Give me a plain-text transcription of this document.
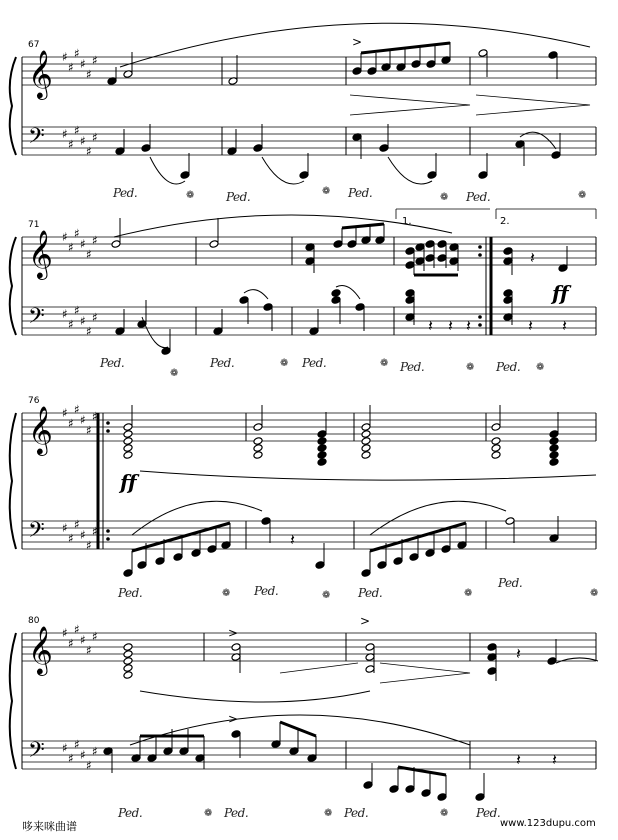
𝄞
𝄢
♯
♯
♯
♯
♯
♯
♯
♯
♯
♯
♯
♯
𝄞
𝄢
♯
♯
♯
♯
♯
♯
♯
♯
♯
♯
♯
♯
𝄞
𝄢
♯
♯
♯
♯
♯
♯
♯
♯
♯
♯
♯
♯
𝄞
𝄢
♯
♯
♯
♯
♯
♯
♯
♯
♯
♯
♯
♯
𝄽
𝄽 𝄽 𝄽	𝄽 𝄽
𝄽
𝄽
𝄽 𝄽
67
71
76
80
1.	2.
ff
ff
>
>
>
>
Ped.	❁	Ped.	❁ Ped.	❁ Ped.	❁
Ped.
❁
Ped.	❁ Ped.	❁ Ped.	❁ Ped. ❁
Ped.	❁ Ped.	❁ Ped.	❁
Ped.
❁
Ped.	❁ Ped.	❁ Ped.	❁ Ped.
哆来咪曲谱	www.123dupu.com
